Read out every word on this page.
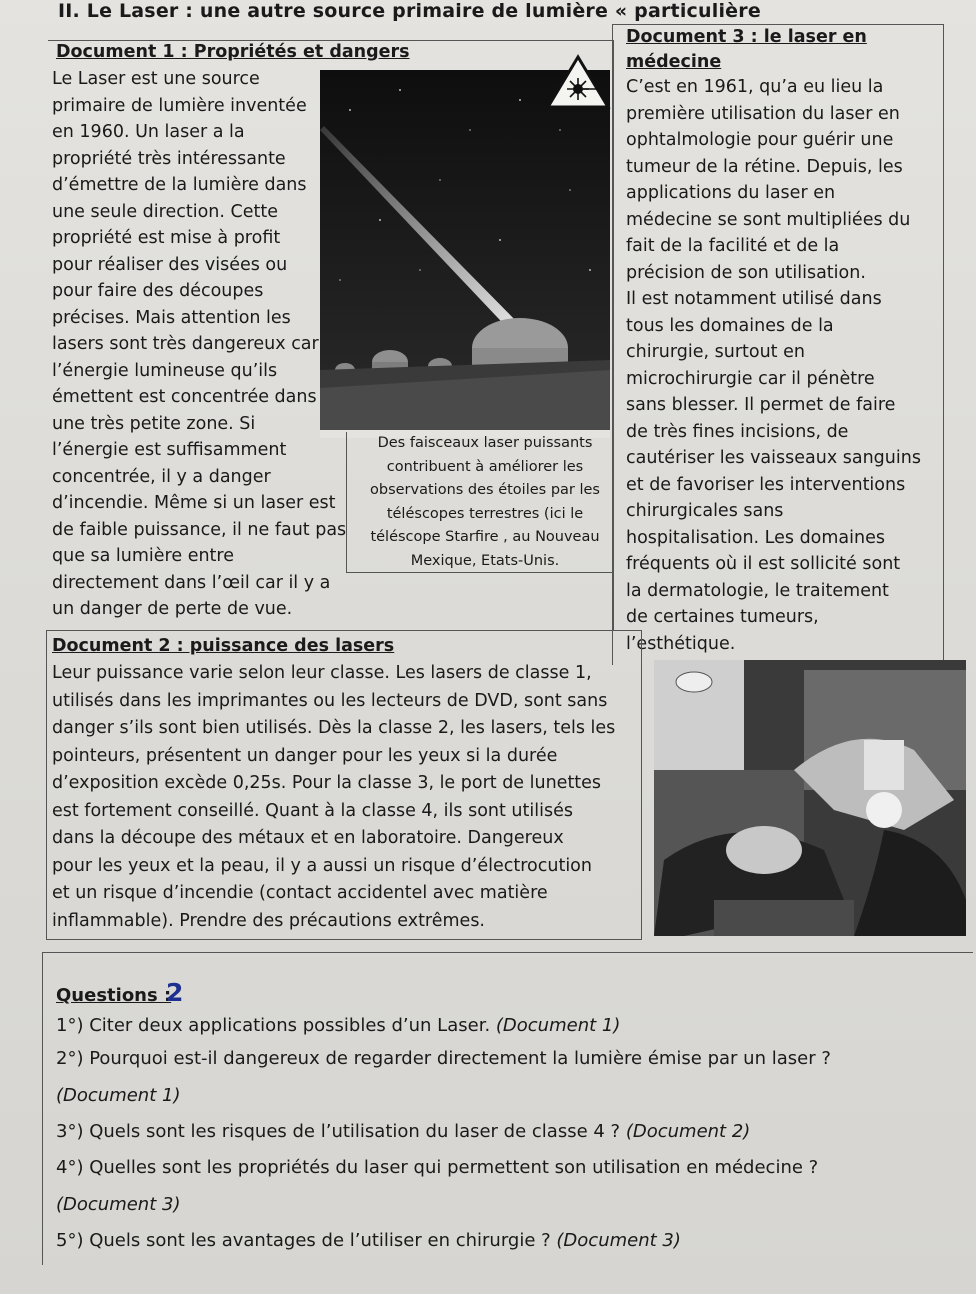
II. Le Laser : une autre source primaire de lumière « particulière
Document 1 : Propriétés et dangers
Le Laser est une source
primaire de lumière inventée
en 1960. Un laser a la
propriété très intéressante
d’émettre de la lumière dans
une seule direction. Cette
propriété est mise à profit
pour réaliser des visées ou
pour faire des découpes
précises. Mais attention les
lasers sont très dangereux car
l’énergie lumineuse qu’ils
émettent est concentrée dans
une très petite zone. Si
Des faisceaux laser puissants
contribuent à améliorer les
observations des étoiles par les
téléscopes terrestres (ici le
téléscope Starfire , au Nouveau
Mexique, Etats-Unis.
l’énergie est suffisamment
concentrée, il y a danger
d’incendie. Même si un laser est
de faible puissance, il ne faut pas
que sa lumière entre
directement dans l’œil car il y a
un danger de perte de vue.
Document 3 : le laser en
médecine
C’est en 1961, qu’a eu lieu la
première utilisation du laser en
ophtalmologie pour guérir une
tumeur de la rétine. Depuis, les
applications du laser en
médecine se sont multipliées du
fait de la facilité et de la
précision de son utilisation.
Il est notamment utilisé dans
tous les domaines de la
chirurgie, surtout en
microchirurgie car il pénètre
sans blesser. Il permet de faire
de très fines incisions, de
cautériser les vaisseaux sanguins
et de favoriser les interventions
chirurgicales sans
hospitalisation. Les domaines
fréquents où il est sollicité sont
la dermatologie, le traitement
de certaines tumeurs,
l’esthétique.
Document 2 : puissance des lasers
Leur puissance varie selon leur classe. Les lasers de classe 1,
utilisés dans les imprimantes ou les lecteurs de DVD, sont sans
danger s’ils sont bien utilisés. Dès la classe 2, les lasers, tels les
pointeurs, présentent un danger pour les yeux si la durée
d’exposition excède 0,25s. Pour la classe 3, le port de lunettes
est fortement conseillé. Quant à la classe 4, ils sont utilisés
dans la découpe des métaux et en laboratoire. Dangereux
pour les yeux et la peau, il y a aussi un risque d’électrocution
et un risque d’incendie (contact accidentel avec matière
inflammable). Prendre des précautions extrêmes.
Questions :
2
1°) Citer deux applications possibles d’un Laser. (Document 1)
2°) Pourquoi est-il dangereux de regarder directement la lumière émise par un laser ?
(Document 1)
3°) Quels sont les risques de l’utilisation du laser de classe 4 ? (Document 2)
4°) Quelles sont les propriétés du laser qui permettent son utilisation en médecine ?
(Document 3)
5°) Quels sont les avantages de l’utiliser en chirurgie ? (Document 3)
